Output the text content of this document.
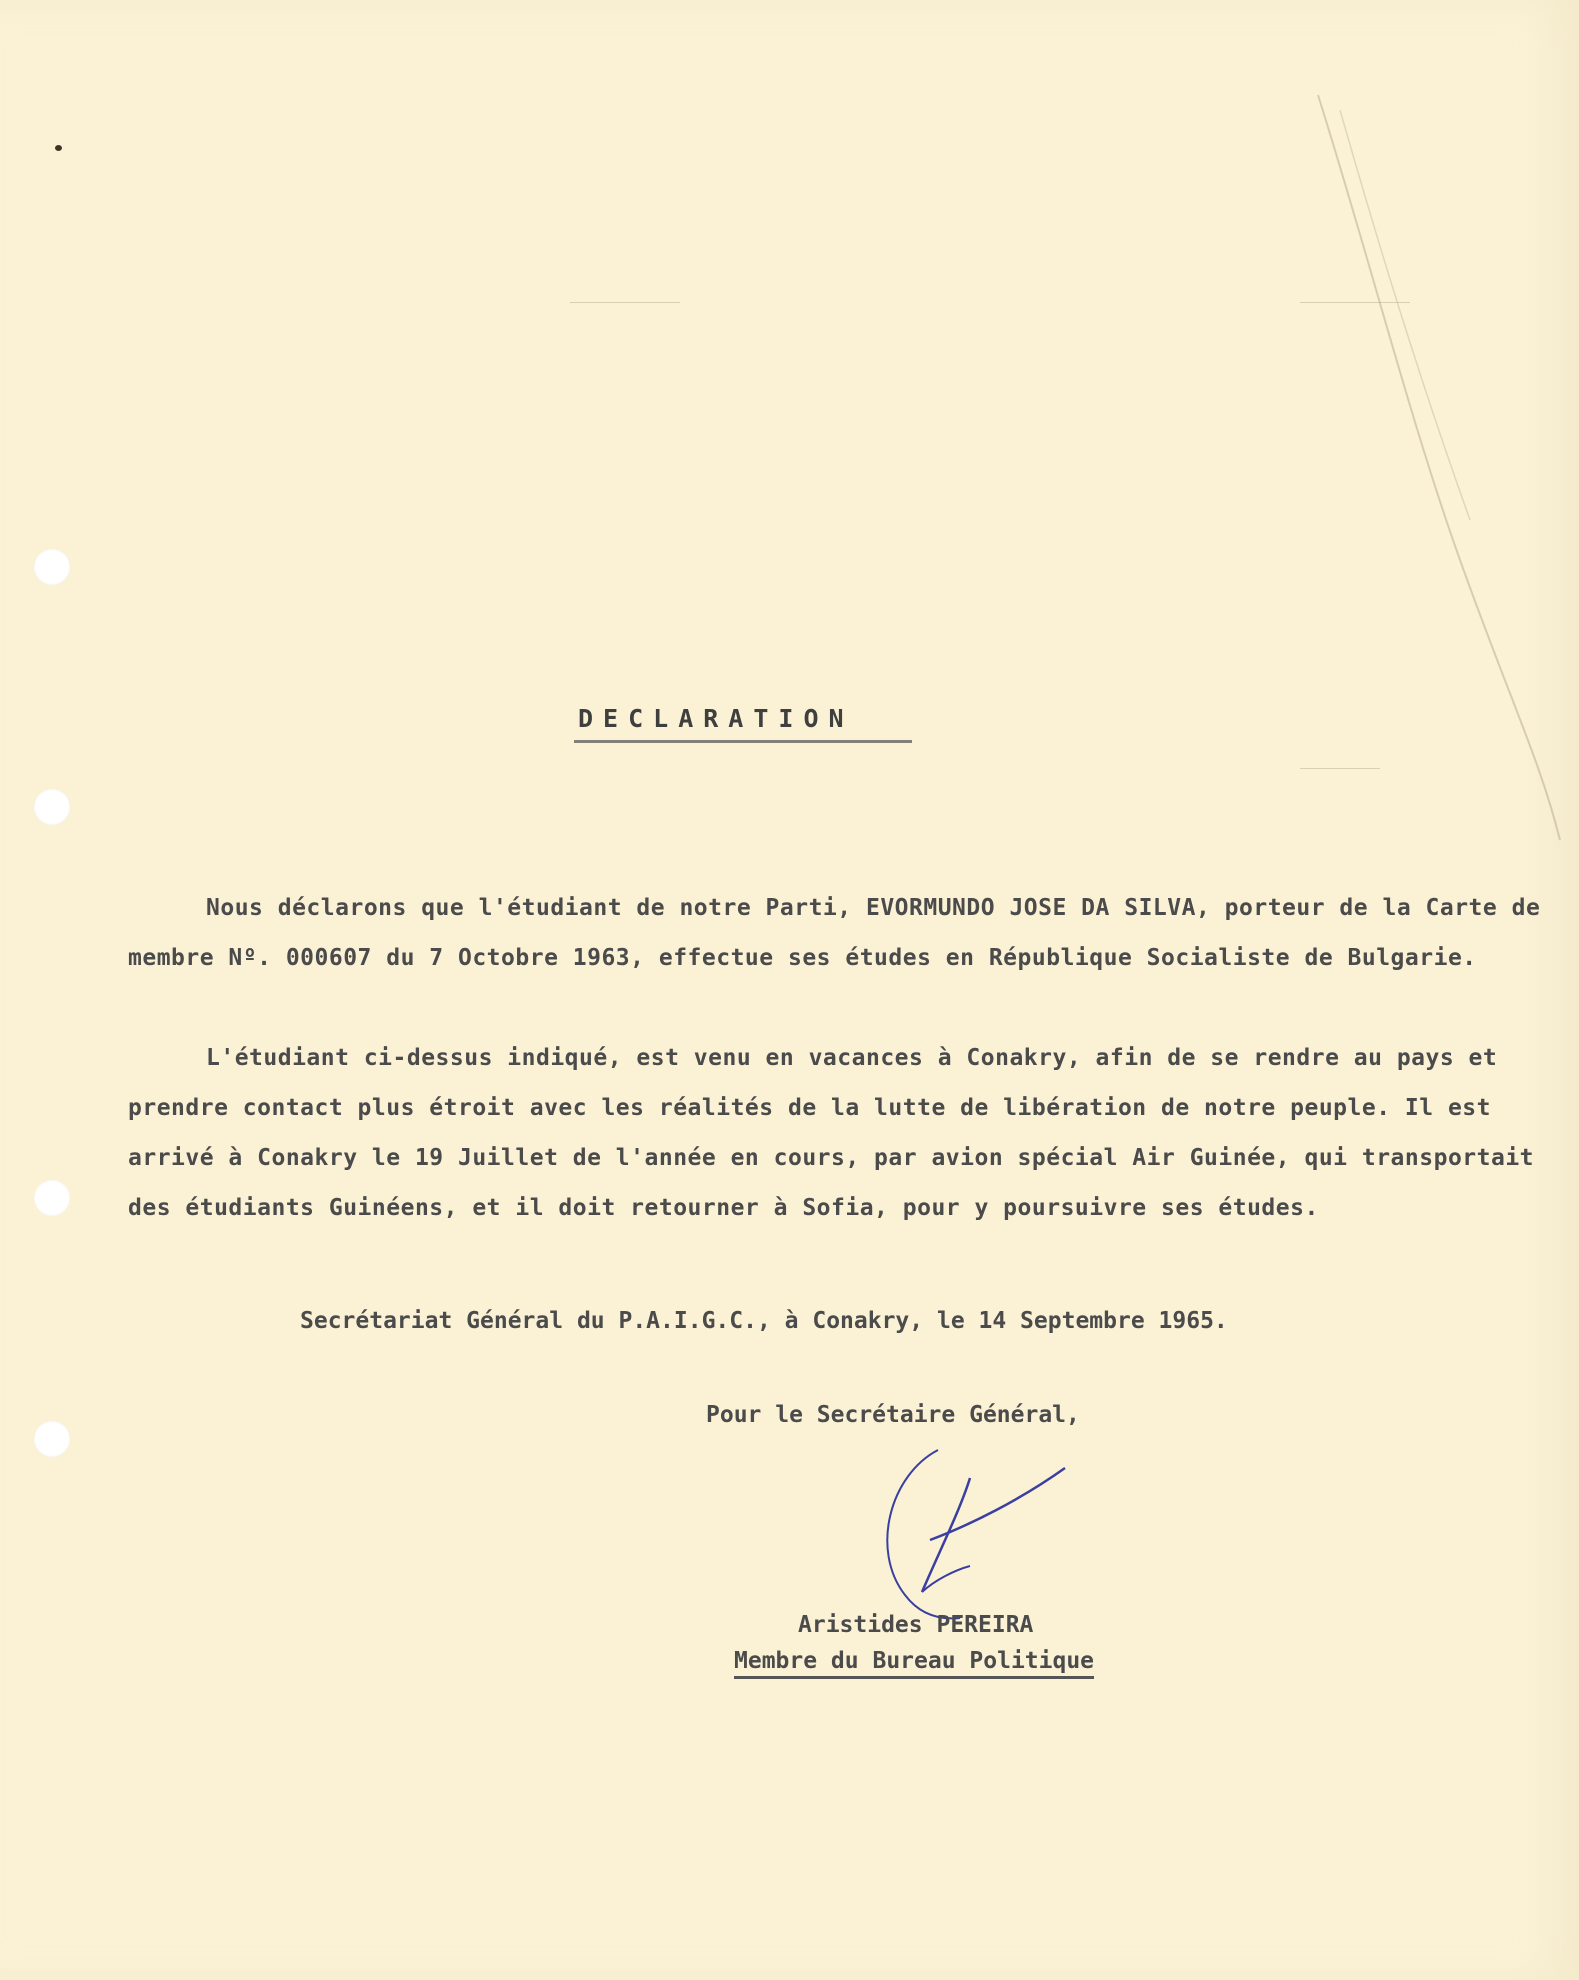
DECLARATION
Nous déclarons que l'étudiant de notre Parti, EVORMUNDO JOSE DA SILVA, porteur de la Carte de membre Nº. 000607 du 7 Octobre 1963, effectue ses études en République Socialiste de Bulgarie.
L'étudiant ci-dessus indiqué, est venu en vacances à Conakry, afin de se rendre au pays et prendre contact plus étroit avec les réalités de la lutte de libération de notre peuple. Il est arrivé à Conakry le 19 Juillet de l'année en cours, par avion spécial Air Guinée, qui transportait des étudiants Guinéens, et il doit retourner à Sofia, pour y poursuivre ses études.
Secrétariat Général du P.A.I.G.C., à Conakry, le 14 Septembre 1965.
Pour le Secrétaire Général,
Aristides PEREIRA
Membre du Bureau Politique
